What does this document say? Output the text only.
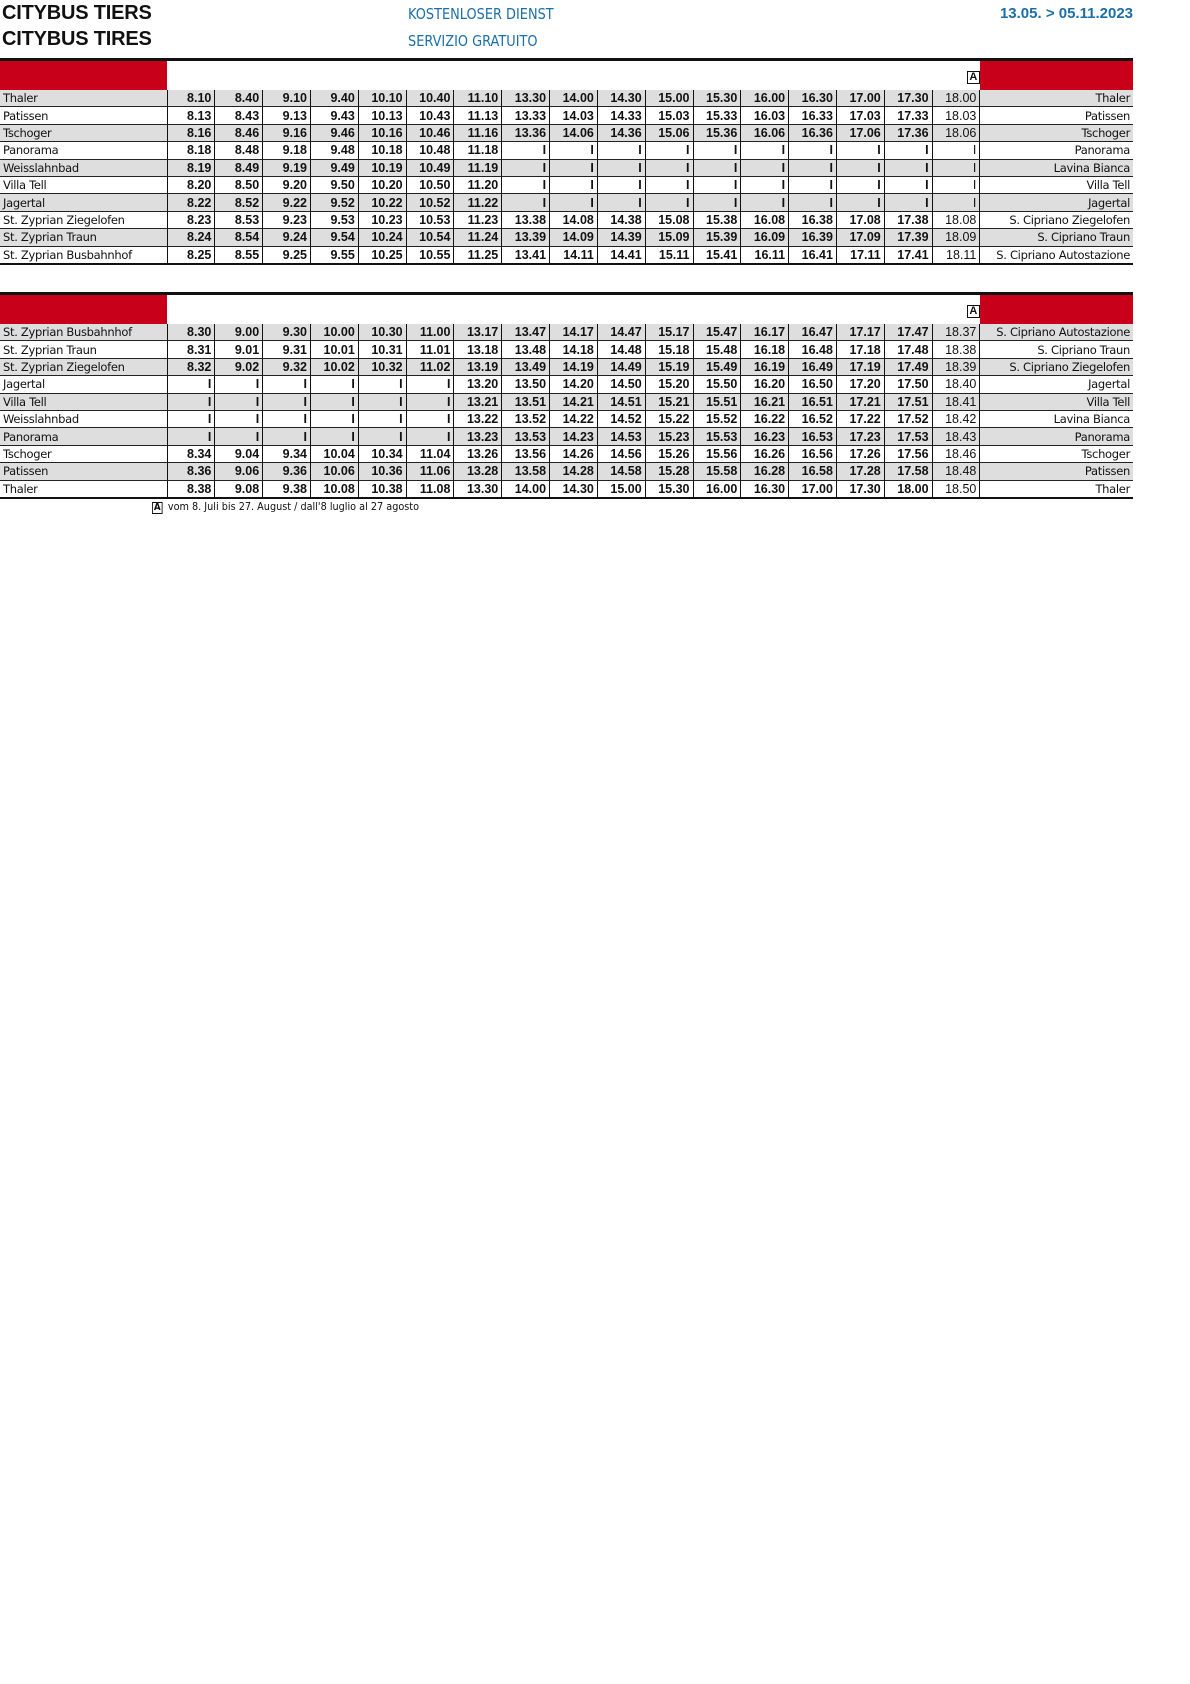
CITYBUS TIERS
CITYBUS TIRES
KOSTENLOSER DIENST
SERVIZIO GRATUITO
13.05. > 05.11.2023
																	A	
Thaler	8.10	8.40	9.10	9.40	10.10	10.40	11.10	13.30	14.00	14.30	15.00	15.30	16.00	16.30	17.00	17.30	18.00	Thaler
Patissen	8.13	8.43	9.13	9.43	10.13	10.43	11.13	13.33	14.03	14.33	15.03	15.33	16.03	16.33	17.03	17.33	18.03	Patissen
Tschoger	8.16	8.46	9.16	9.46	10.16	10.46	11.16	13.36	14.06	14.36	15.06	15.36	16.06	16.36	17.06	17.36	18.06	Tschoger
Panorama	8.18	8.48	9.18	9.48	10.18	10.48	11.18	I	I	I	I	I	I	I	I	I	I	Panorama
Weisslahnbad	8.19	8.49	9.19	9.49	10.19	10.49	11.19	I	I	I	I	I	I	I	I	I	I	Lavina Bianca
Villa Tell	8.20	8.50	9.20	9.50	10.20	10.50	11.20	I	I	I	I	I	I	I	I	I	I	Villa Tell
Jagertal	8.22	8.52	9.22	9.52	10.22	10.52	11.22	I	I	I	I	I	I	I	I	I	I	Jagertal
St. Zyprian Ziegelofen	8.23	8.53	9.23	9.53	10.23	10.53	11.23	13.38	14.08	14.38	15.08	15.38	16.08	16.38	17.08	17.38	18.08	S. Cipriano Ziegelofen
St. Zyprian Traun	8.24	8.54	9.24	9.54	10.24	10.54	11.24	13.39	14.09	14.39	15.09	15.39	16.09	16.39	17.09	17.39	18.09	S. Cipriano Traun
St. Zyprian Busbahnhof	8.25	8.55	9.25	9.55	10.25	10.55	11.25	13.41	14.11	14.41	15.11	15.41	16.11	16.41	17.11	17.41	18.11	S. Cipriano Autostazione
																	A	
St. Zyprian Busbahnhof	8.30	9.00	9.30	10.00	10.30	11.00	13.17	13.47	14.17	14.47	15.17	15.47	16.17	16.47	17.17	17.47	18.37	S. Cipriano Autostazione
St. Zyprian Traun	8.31	9.01	9.31	10.01	10.31	11.01	13.18	13.48	14.18	14.48	15.18	15.48	16.18	16.48	17.18	17.48	18.38	S. Cipriano Traun
St. Zyprian Ziegelofen	8.32	9.02	9.32	10.02	10.32	11.02	13.19	13.49	14.19	14.49	15.19	15.49	16.19	16.49	17.19	17.49	18.39	S. Cipriano Ziegelofen
Jagertal	I	I	I	I	I	I	13.20	13.50	14.20	14.50	15.20	15.50	16.20	16.50	17.20	17.50	18.40	Jagertal
Villa Tell	I	I	I	I	I	I	13.21	13.51	14.21	14.51	15.21	15.51	16.21	16.51	17.21	17.51	18.41	Villa Tell
Weisslahnbad	I	I	I	I	I	I	13.22	13.52	14.22	14.52	15.22	15.52	16.22	16.52	17.22	17.52	18.42	Lavina Bianca
Panorama	I	I	I	I	I	I	13.23	13.53	14.23	14.53	15.23	15.53	16.23	16.53	17.23	17.53	18.43	Panorama
Tschoger	8.34	9.04	9.34	10.04	10.34	11.04	13.26	13.56	14.26	14.56	15.26	15.56	16.26	16.56	17.26	17.56	18.46	Tschoger
Patissen	8.36	9.06	9.36	10.06	10.36	11.06	13.28	13.58	14.28	14.58	15.28	15.58	16.28	16.58	17.28	17.58	18.48	Patissen
Thaler	8.38	9.08	9.38	10.08	10.38	11.08	13.30	14.00	14.30	15.00	15.30	16.00	16.30	17.00	17.30	18.00	18.50	Thaler
A vom 8. Juli bis 27. August / dall'8 luglio al 27 agosto
